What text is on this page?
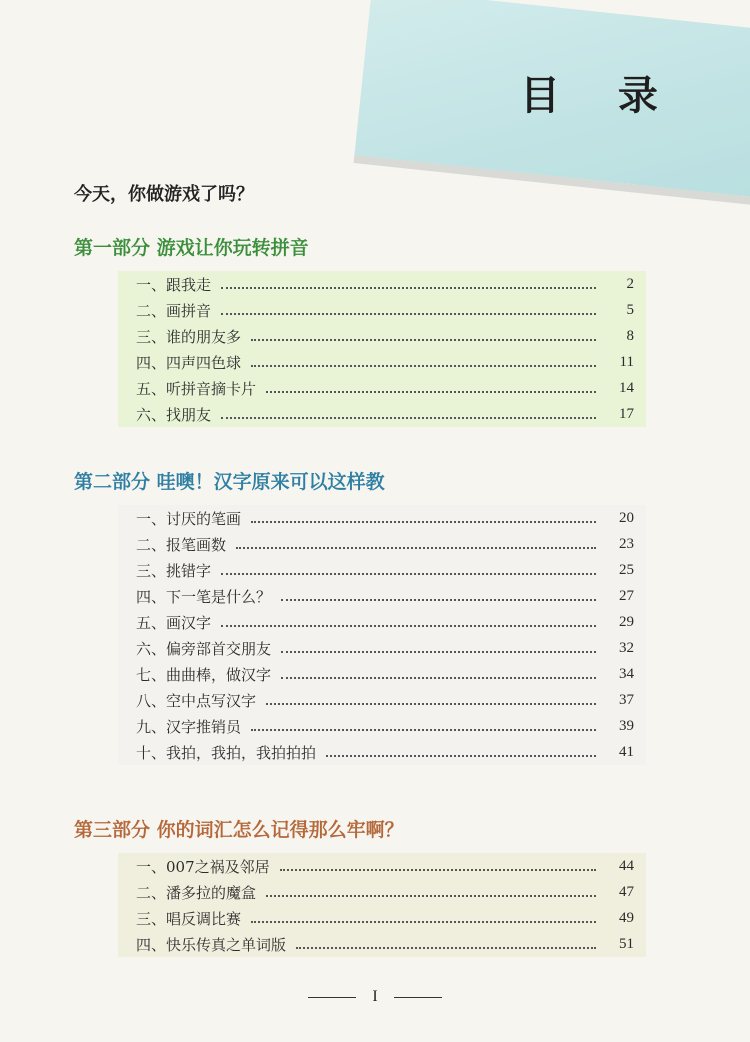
目 录
今天，你做游戏了吗？
第一部分 游戏让你玩转拼音
一、跟我走	2
二、画拼音	5
三、谁的朋友多	8
四、四声四色球	11
五、听拼音摘卡片	14
六、找朋友	17
第二部分 哇噢！汉字原来可以这样教
一、讨厌的笔画	20
二、报笔画数	23
三、挑错字	25
四、下一笔是什么？	27
五、画汉字	29
六、偏旁部首交朋友	32
七、曲曲棒，做汉字	34
八、空中点写汉字	37
九、汉字推销员	39
十、我拍，我拍，我拍拍拍	41
第三部分 你的词汇怎么记得那么牢啊？
一、007之祸及邻居	44
二、潘多拉的魔盒	47
三、唱反调比赛	49
四、快乐传真之单词版	51
I
